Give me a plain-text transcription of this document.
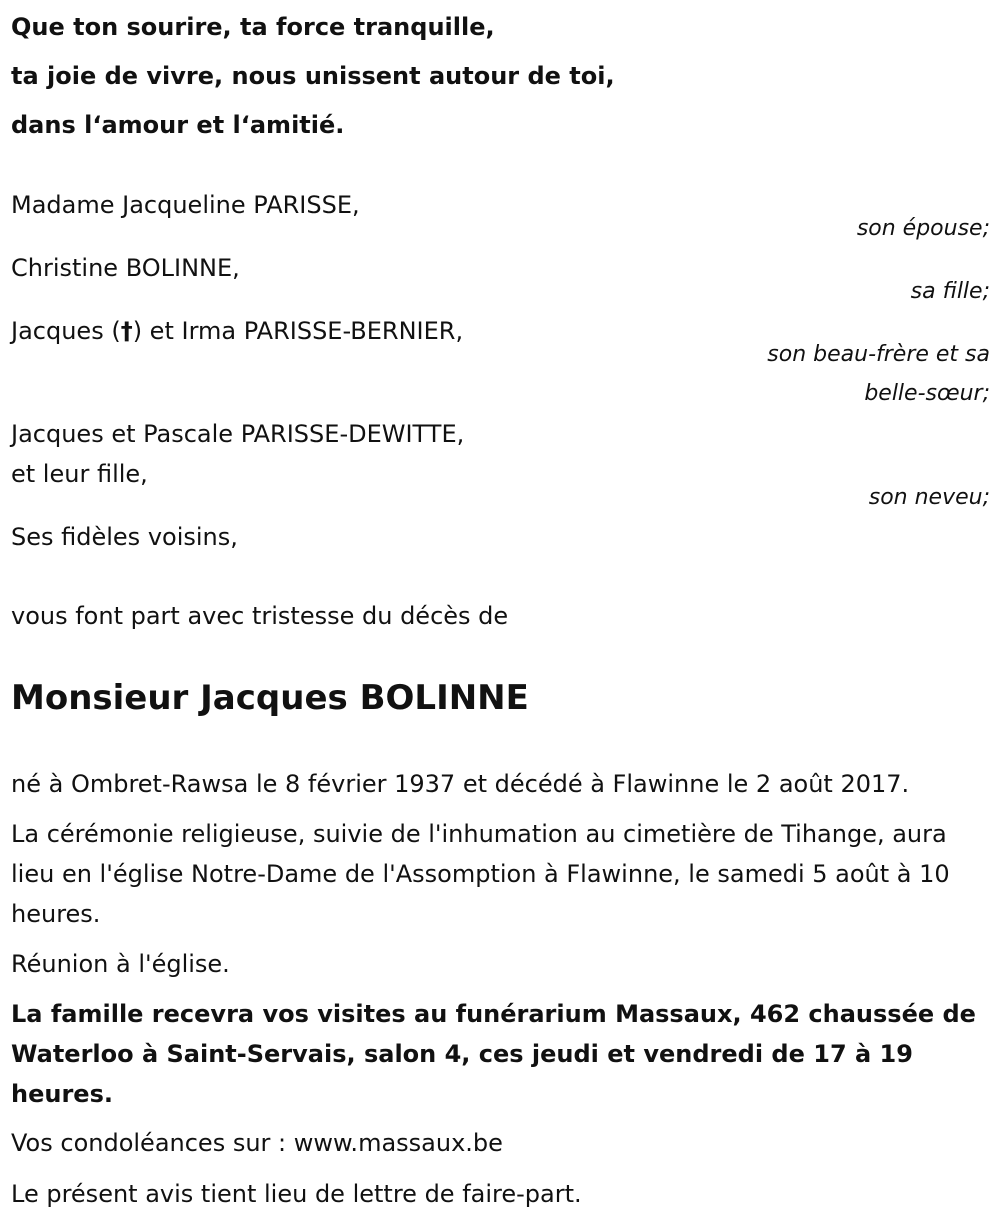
Que ton sourire, ta force tranquille,
ta joie de vivre, nous unissent autour de toi,
dans l‘amour et l‘amitié.
Madame Jacqueline PARISSE,
son épouse;
Christine BOLINNE,
sa fille;
Jacques (†) et Irma PARISSE-BERNIER,
son beau-frère et sa
belle-sœur;
Jacques et Pascale PARISSE-DEWITTE,
et leur fille,
son neveu;
Ses fidèles voisins,
vous font part avec tristesse du décès de
Monsieur Jacques BOLINNE
né à Ombret-Rawsa le 8 février 1937 et décédé à Flawinne le 2 août 2017.
La cérémonie religieuse, suivie de l'inhumation au cimetière de Tihange, aura lieu en l'église Notre-Dame de l'Assomption à Flawinne, le samedi 5 août à 10 heures.
Réunion à l'église.
La famille recevra vos visites au funérarium Massaux, 462 chaussée de Waterloo à Saint-Servais, salon 4, ces jeudi et vendredi de 17 à 19 heures.
Vos condoléances sur : www.massaux.be
Le présent avis tient lieu de lettre de faire-part.
